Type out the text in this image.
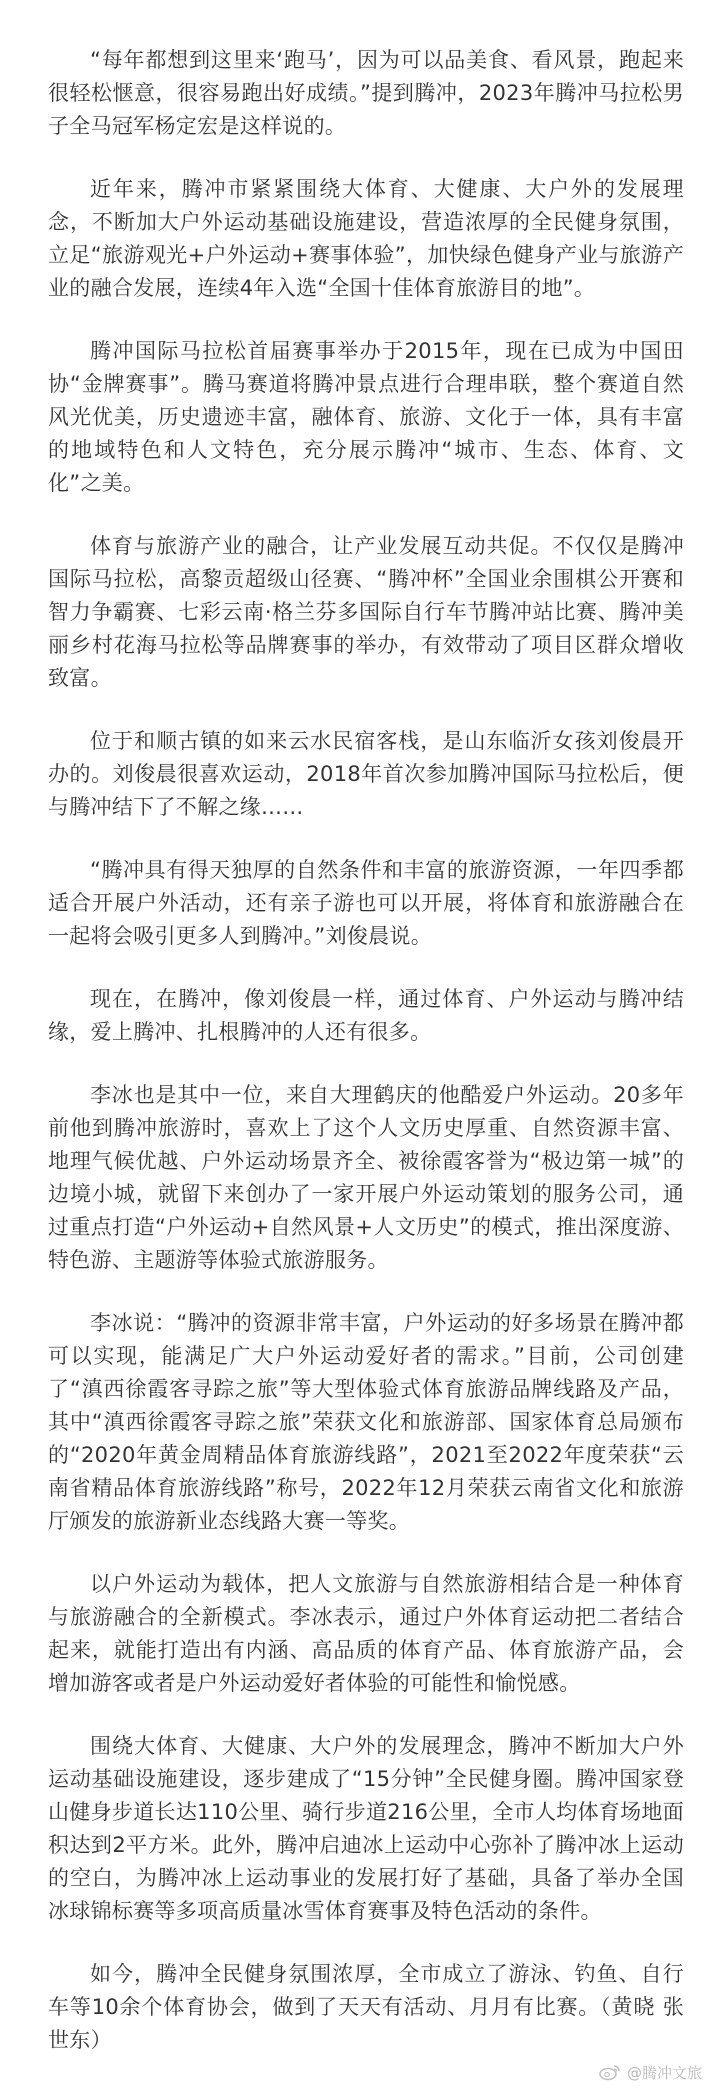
“每年都想到这里来‘跑马’，因为可以品美食、看风景，跑起来很轻松惬意，很容易跑出好成绩。”提到腾冲，2023年腾冲马拉松男子全马冠军杨定宏是这样说的。

近年来，腾冲市紧紧围绕大体育、大健康、大户外的发展理念，不断加大户外运动基础设施建设，营造浓厚的全民健身氛围，立足“旅游观光+户外运动+赛事体验”，加快绿色健身产业与旅游产业的融合发展，连续4年入选“全国十佳体育旅游目的地”。

腾冲国际马拉松首届赛事举办于2015年，现在已成为中国田协“金牌赛事”。腾马赛道将腾冲景点进行合理串联，整个赛道自然风光优美，历史遗迹丰富，融体育、旅游、文化于一体，具有丰富的地域特色和人文特色，充分展示腾冲“城市、生态、体育、文化”之美。

体育与旅游产业的融合，让产业发展互动共促。不仅仅是腾冲国际马拉松，高黎贡超级山径赛、“腾冲杯”全国业余围棋公开赛和智力争霸赛、七彩云南·格兰芬多国际自行车节腾冲站比赛、腾冲美丽乡村花海马拉松等品牌赛事的举办，有效带动了项目区群众增收致富。

位于和顺古镇的如来云水民宿客栈，是山东临沂女孩刘俊晨开办的。刘俊晨很喜欢运动，2018年首次参加腾冲国际马拉松后，便与腾冲结下了不解之缘……

“腾冲具有得天独厚的自然条件和丰富的旅游资源，一年四季都适合开展户外活动，还有亲子游也可以开展，将体育和旅游融合在一起将会吸引更多人到腾冲。”刘俊晨说。

现在，在腾冲，像刘俊晨一样，通过体育、户外运动与腾冲结缘，爱上腾冲、扎根腾冲的人还有很多。

李冰也是其中一位，来自大理鹤庆的他酷爱户外运动。20多年前他到腾冲旅游时，喜欢上了这个人文历史厚重、自然资源丰富、地理气候优越、户外运动场景齐全、被徐霞客誉为“极边第一城”的边境小城，就留下来创办了一家开展户外运动策划的服务公司，通过重点打造“户外运动+自然风景+人文历史”的模式，推出深度游、特色游、主题游等体验式旅游服务。

李冰说：“腾冲的资源非常丰富，户外运动的好多场景在腾冲都可以实现，能满足广大户外运动爱好者的需求。”目前，公司创建了“滇西徐霞客寻踪之旅”等大型体验式体育旅游品牌线路及产品，其中“滇西徐霞客寻踪之旅”荣获文化和旅游部、国家体育总局颁布的“2020年黄金周精品体育旅游线路”，2021至2022年度荣获“云南省精品体育旅游线路”称号，2022年12月荣获云南省文化和旅游厅颁发的旅游新业态线路大赛一等奖。

以户外运动为载体，把人文旅游与自然旅游相结合是一种体育与旅游融合的全新模式。李冰表示，通过户外体育运动把二者结合起来，就能打造出有内涵、高品质的体育产品、体育旅游产品，会增加游客或者是户外运动爱好者体验的可能性和愉悦感。

围绕大体育、大健康、大户外的发展理念，腾冲不断加大户外运动基础设施建设，逐步建成了“15分钟”全民健身圈。腾冲国家登山健身步道长达110公里、骑行步道216公里，全市人均体育场地面积达到2平方米。此外，腾冲启迪冰上运动中心弥补了腾冲冰上运动的空白，为腾冲冰上运动事业的发展打好了基础，具备了举办全国冰球锦标赛等多项高质量冰雪体育赛事及特色活动的条件。

如今，腾冲全民健身氛围浓厚，全市成立了游泳、钓鱼、自行车等10余个体育协会，做到了天天有活动、月月有比赛。（黄晓 张世东）

@腾冲文旅
